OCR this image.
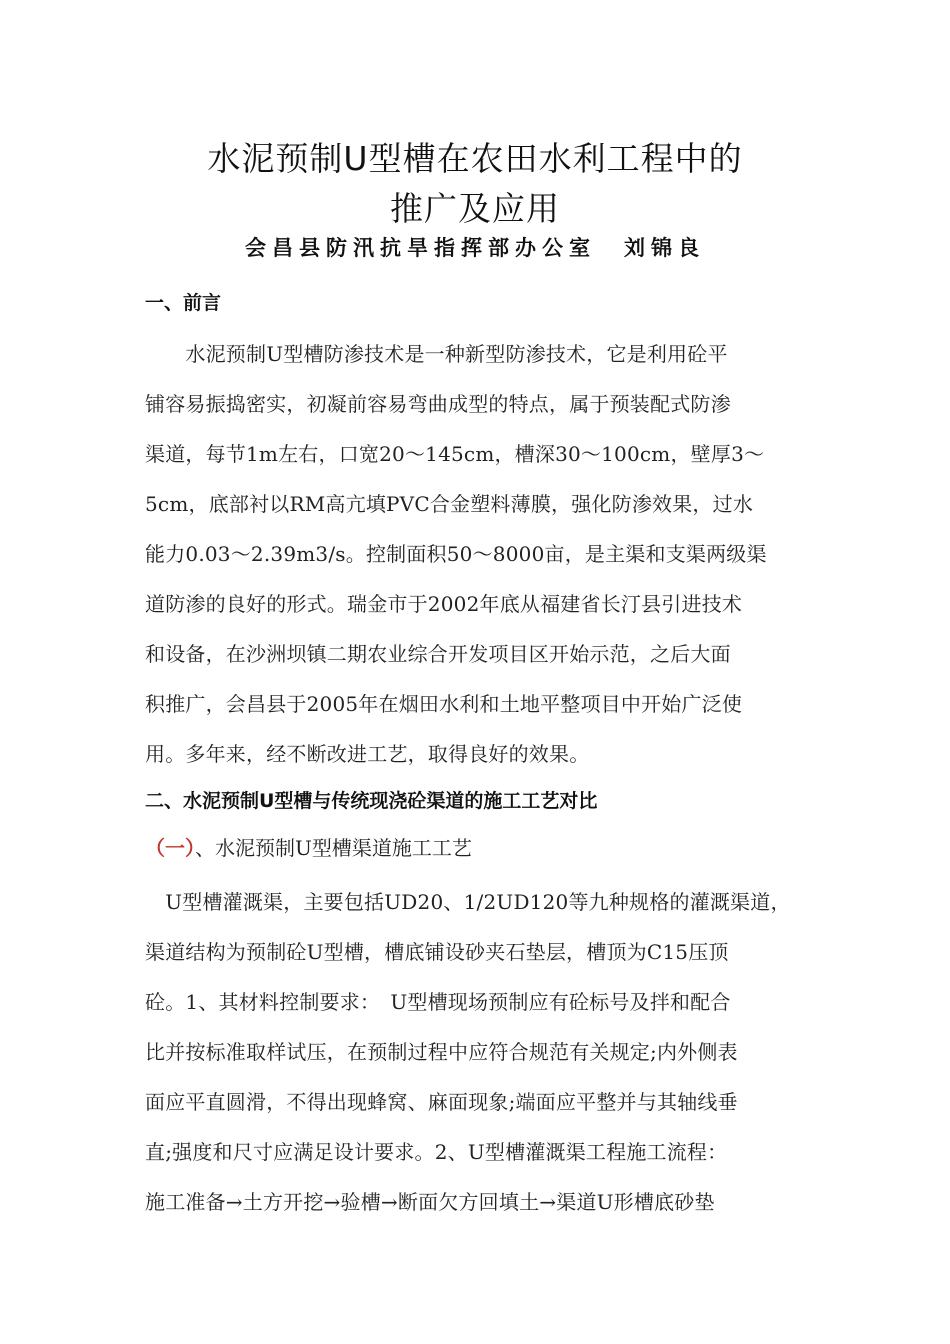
水泥预制U型槽在农田水利工程中的
推广及应用
会昌县防汛抗旱指挥部办公室 刘锦良
一、前言
　　水泥预制U型槽防渗技术是一种新型防渗技术，它是利用砼平
铺容易振捣密实，初凝前容易弯曲成型的特点，属于预装配式防渗
渠道，每节1m左右，口宽20～145cm，槽深30～100cm，壁厚3～
5cm，底部衬以RM高亢填PVC合金塑料薄膜，强化防渗效果，过水
能力0.03～2.39m3/s。控制面积50～8000亩，是主渠和支渠两级渠
道防渗的良好的形式。瑞金市于2002年底从福建省长汀县引进技术
和设备，在沙洲坝镇二期农业综合开发项目区开始示范，之后大面
积推广，会昌县于2005年在烟田水利和土地平整项目中开始广泛使
用。多年来，经不断改进工艺，取得良好的效果。
二、水泥预制U型槽与传统现浇砼渠道的施工工艺对比
（一）、水泥预制U型槽渠道施工工艺
　U型槽灌溉渠，主要包括UD20、1/2UD120等九种规格的灌溉渠道，
渠道结构为预制砼U型槽，槽底铺设砂夹石垫层，槽顶为C15压顶
砼。1、其材料控制要求：　U型槽现场预制应有砼标号及拌和配合
比并按标准取样试压，在预制过程中应符合规范有关规定;内外侧表
面应平直圆滑，不得出现蜂窝、麻面现象;端面应平整并与其轴线垂
直;强度和尺寸应满足设计要求。2、U型槽灌溉渠工程施工流程：
施工准备→土方开挖→验槽→断面欠方回填土→渠道U形槽底砂垫
